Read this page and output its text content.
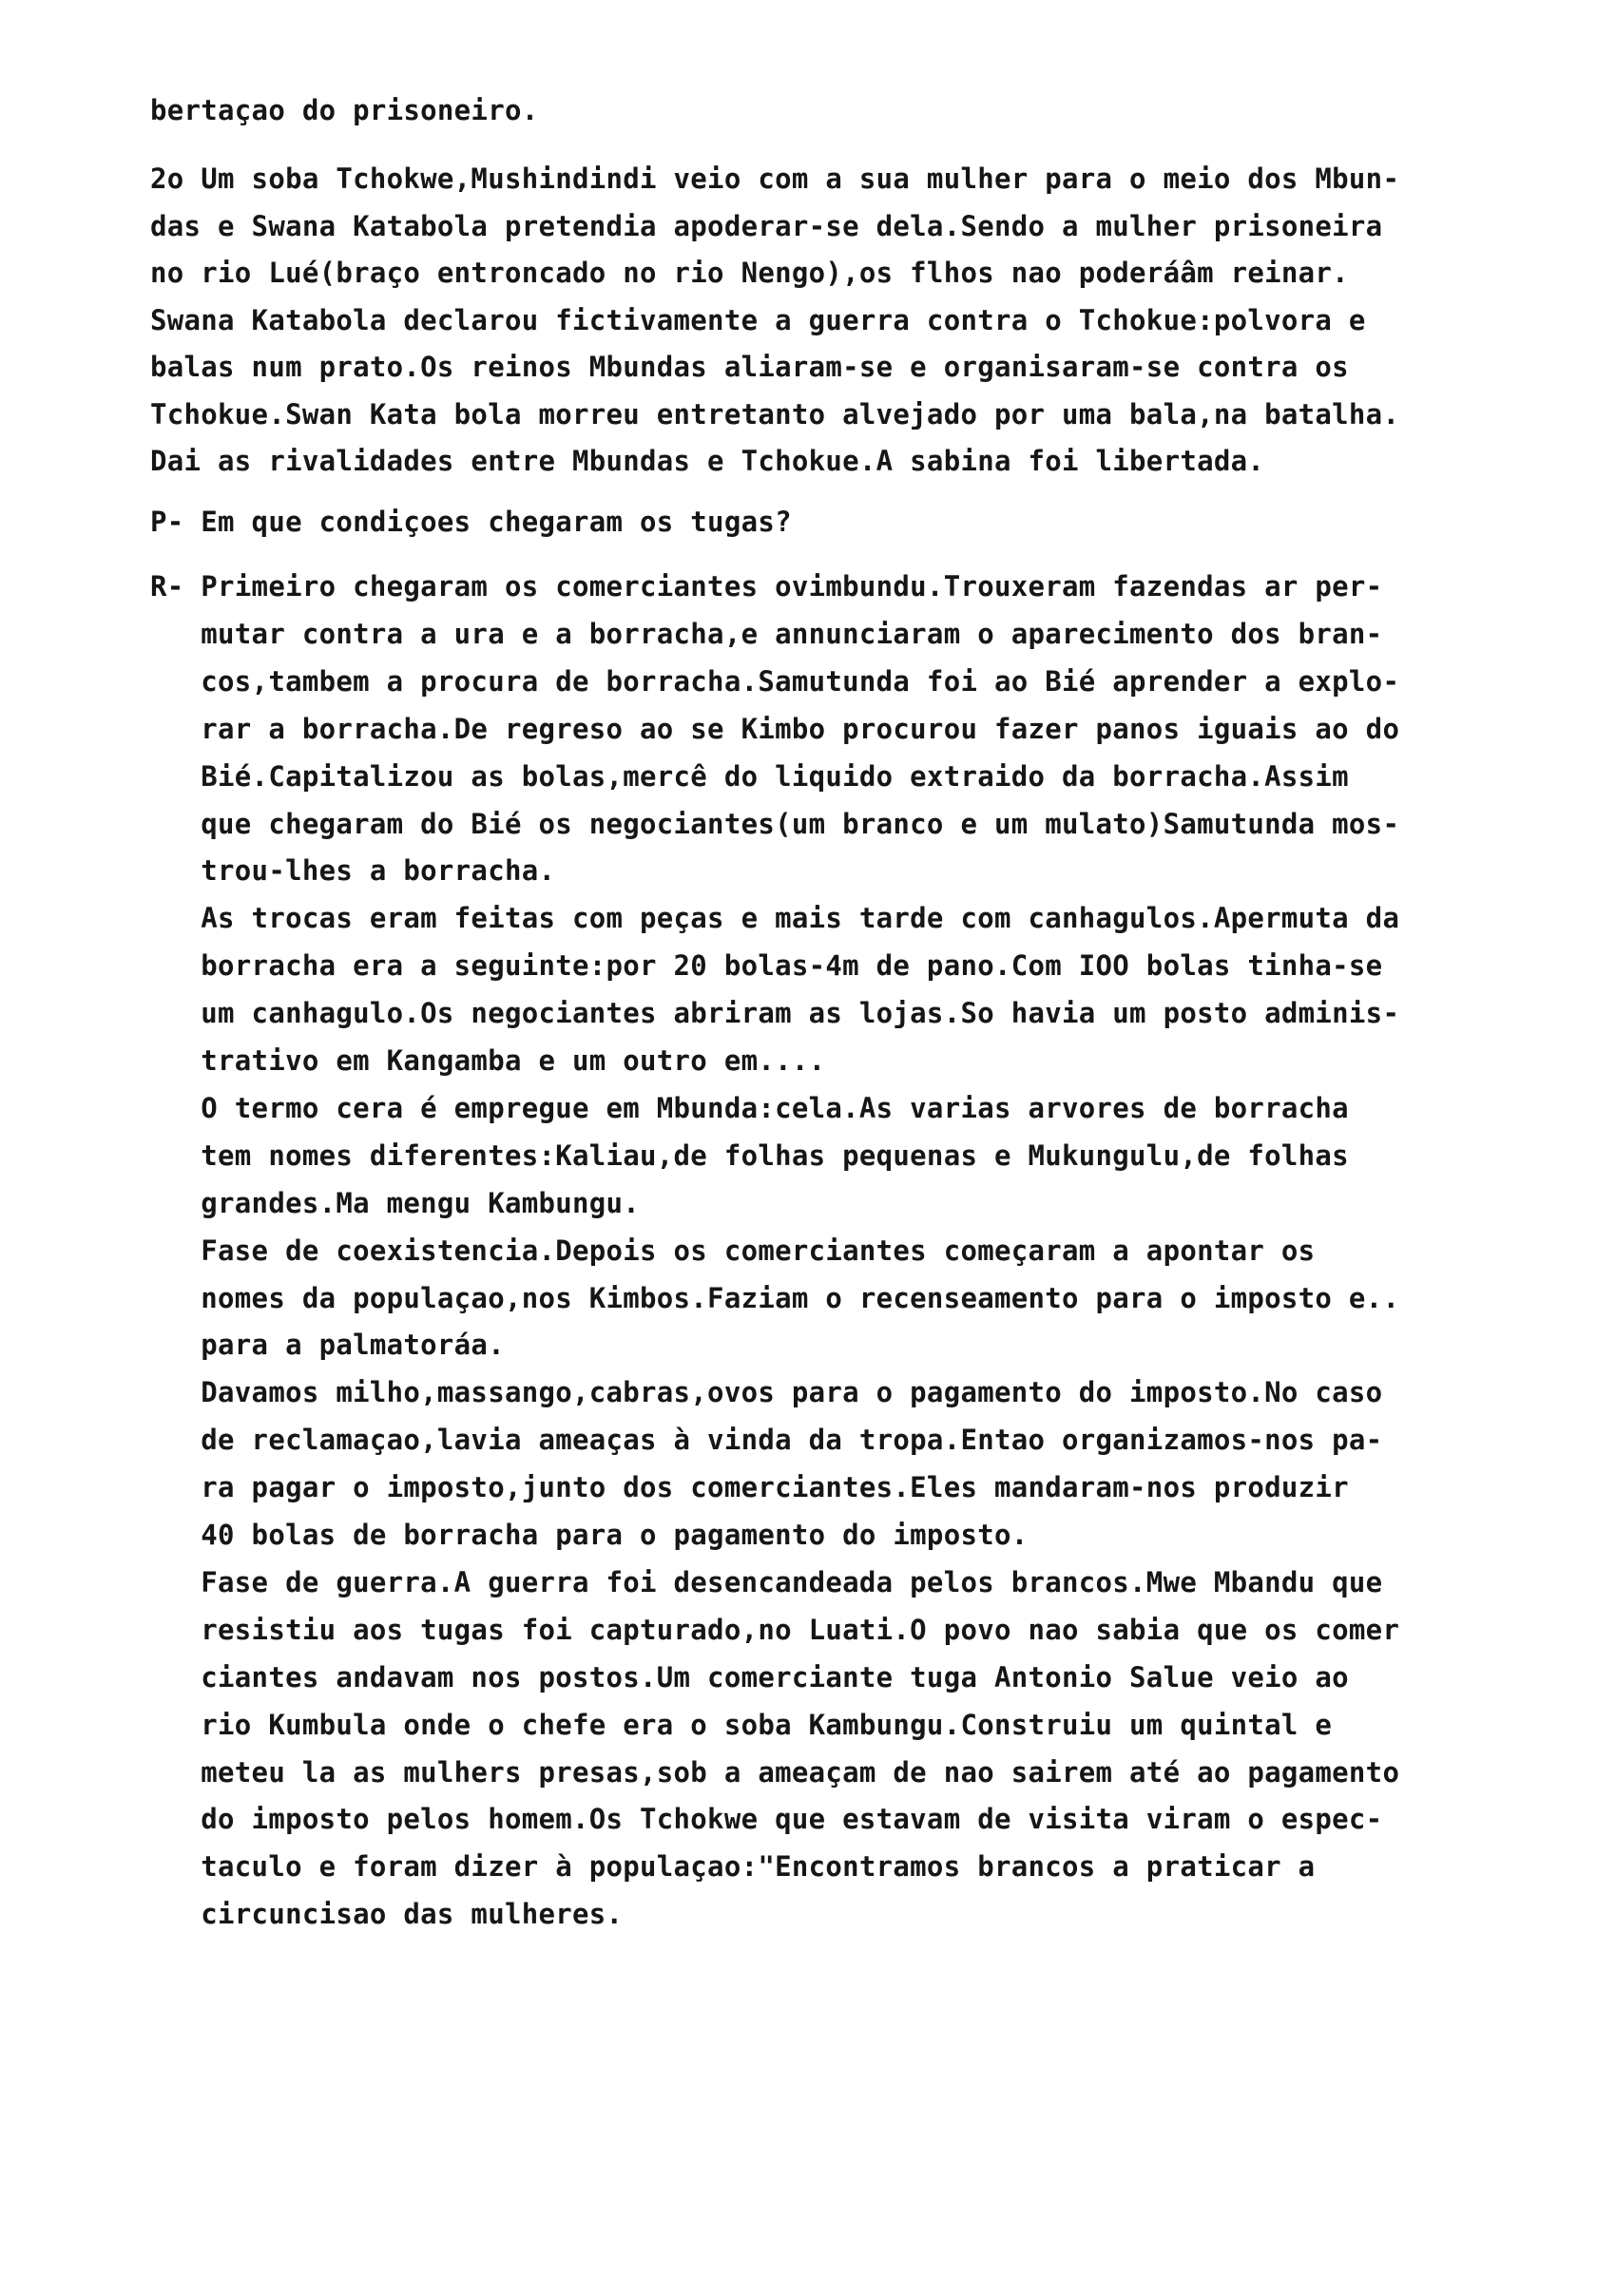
bertaçao do prisoneiro.
2o Um soba Tchokwe,Mushindindi veio com a sua mulher para o meio dos Mbun-
das e Swana Katabola pretendia apoderar-se dela.Sendo a mulher prisoneira
no rio Lué(braço entroncado no rio Nengo),os flhos nao poderáâm reinar.
Swana Katabola declarou fictivamente a guerra contra o Tchokue:polvora e
balas num prato.Os reinos Mbundas aliaram-se e organisaram-se contra os
Tchokue.Swan Kata bola morreu entretanto alvejado por uma bala,na batalha.
Dai as rivalidades entre Mbundas e Tchokue.A sabina foi libertada.
P- Em que condiçoes chegaram os tugas?
R- Primeiro chegaram os comerciantes ovimbundu.Trouxeram fazendas ar per-
mutar contra a ura e a borracha,e annunciaram o aparecimento dos bran-
cos,tambem a procura de borracha.Samutunda foi ao Bié aprender a explo-
rar a borracha.De regreso ao se Kimbo procurou fazer panos iguais ao do
Bié.Capitalizou as bolas,mercê do liquido extraido da borracha.Assim
que chegaram do Bié os negociantes(um branco e um mulato)Samutunda mos-
trou-lhes a borracha.
As trocas eram feitas com peças e mais tarde com canhagulos.Apermuta da
borracha era a seguinte:por 20 bolas-4m de pano.Com IOO bolas tinha-se
um canhagulo.Os negociantes abriram as lojas.So havia um posto adminis-
trativo em Kangamba e um outro em....
O termo cera é empregue em Mbunda:cela.As varias arvores de borracha
tem nomes diferentes:Kaliau,de folhas pequenas e Mukungulu,de folhas
grandes.Ma mengu Kambungu.
Fase de coexistencia.Depois os comerciantes começaram a apontar os
nomes da populaçao,nos Kimbos.Faziam o recenseamento para o imposto e..
para a palmatoráa.
Davamos milho,massango,cabras,ovos para o pagamento do imposto.No caso
de reclamaçao,lavia ameaças à vinda da tropa.Entao organizamos-nos pa-
ra pagar o imposto,junto dos comerciantes.Eles mandaram-nos produzir
40 bolas de borracha para o pagamento do imposto.
Fase de guerra.A guerra foi desencandeada pelos brancos.Mwe Mbandu que
resistiu aos tugas foi capturado,no Luati.O povo nao sabia que os comer
ciantes andavam nos postos.Um comerciante tuga Antonio Salue veio ao
rio Kumbula onde o chefe era o soba Kambungu.Construiu um quintal e
meteu la as mulhers presas,sob a ameaçam de nao sairem até ao pagamento
do imposto pelos homem.Os Tchokwe que estavam de visita viram o espec-
taculo e foram dizer à populaçao:"Encontramos brancos a praticar a
circuncisao das mulheres.
